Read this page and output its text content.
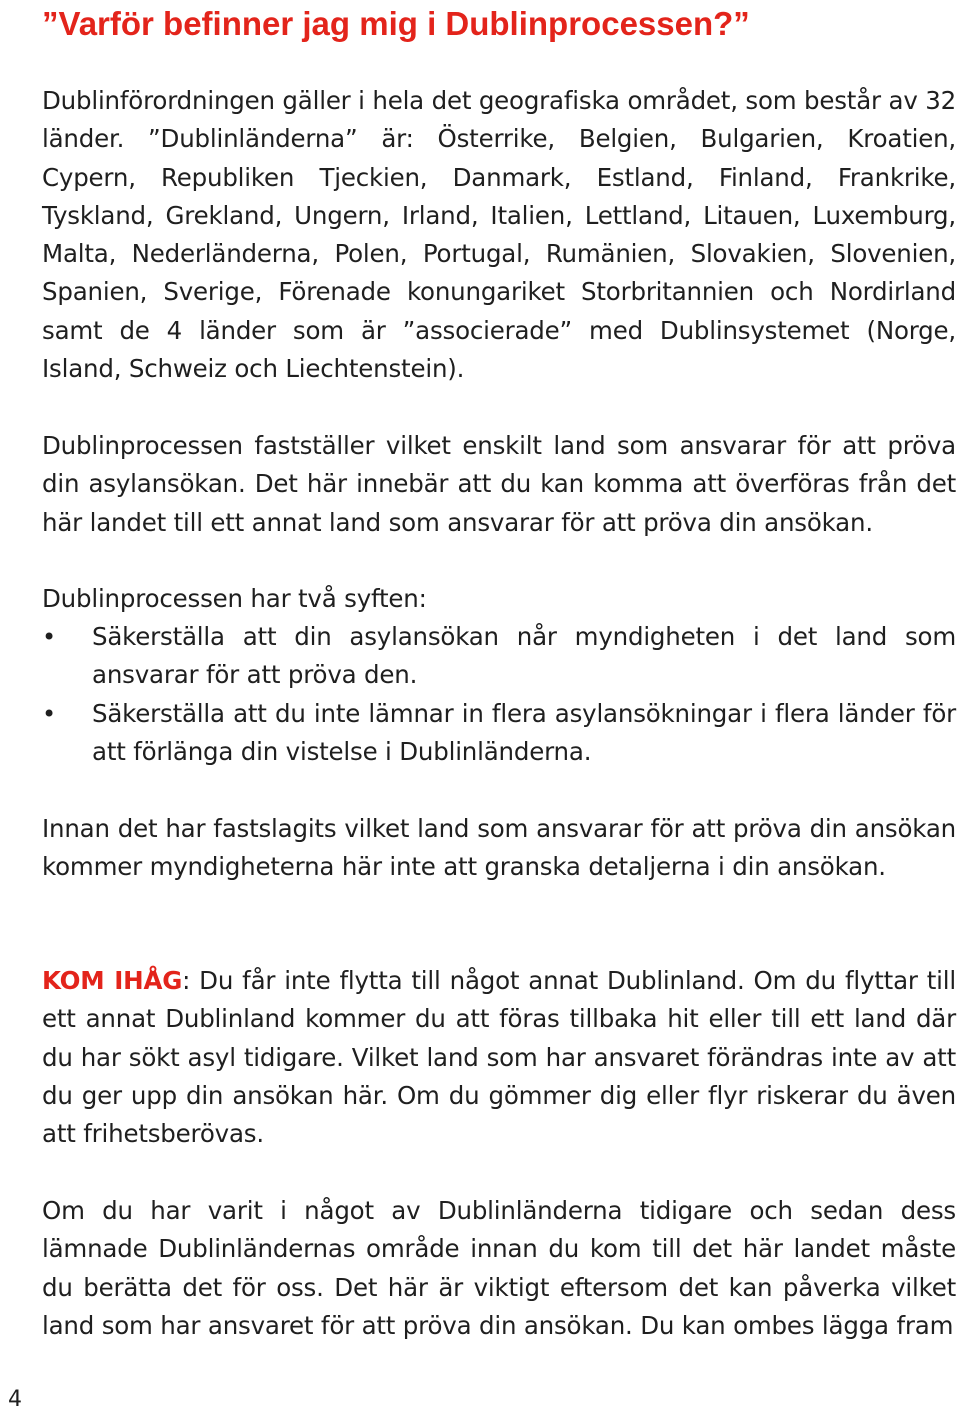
”Varför befinner jag mig i Dublinprocessen?”

Dublinförordningen gäller i hela det geografiska området, som består av 32 länder. ”Dublinländerna” är: Österrike, Belgien, Bulgarien, Kroatien, Cypern, Republiken Tjeckien, Danmark, Estland, Finland, Frankrike, Tyskland, Grekland, Ungern, Irland, Italien, Lettland, Litauen, Luxemburg, Malta, Nederländerna, Polen, Portugal, Rumänien, Slovakien, Slovenien, Spanien, Sverige, Förenade konungariket Storbritannien och Nordirland samt de 4 länder som är ”associerade” med Dublinsystemet (Norge, Island, Schweiz och Liechtenstein).

Dublinprocessen fastställer vilket enskilt land som ansvarar för att pröva din asylansökan. Det här innebär att du kan komma att överföras från det här landet till ett annat land som ansvarar för att pröva din ansökan.

Dublinprocessen har två syften:

• Säkerställa att din asylansökan når myndigheten i det land som ansvarar för att pröva den.
• Säkerställa att du inte lämnar in flera asylansökningar i flera länder för att förlänga din vistelse i Dublinländerna.

Innan det har fastslagits vilket land som ansvarar för att pröva din ansökan kommer myndigheterna här inte att granska detaljerna i din ansökan.

KOM IHÅG: Du får inte flytta till något annat Dublinland. Om du flyttar till ett annat Dublinland kommer du att föras tillbaka hit eller till ett land där du har sökt asyl tidigare. Vilket land som har ansvaret förändras inte av att du ger upp din ansökan här. Om du gömmer dig eller flyr riskerar du även att frihetsberövas.

Om du har varit i något av Dublinländerna tidigare och sedan dess lämnade Dublinländernas område innan du kom till det här landet måste du berätta det för oss. Det här är viktigt eftersom det kan påverka vilket land som har ansvaret för att pröva din ansökan. Du kan ombes lägga fram

4
